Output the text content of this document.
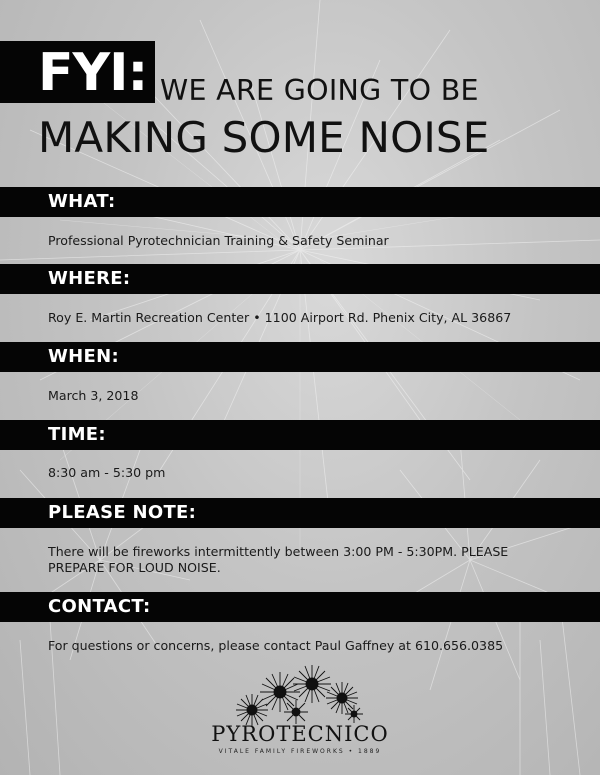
FYI: WE ARE GOING TO BE
MAKING SOME NOISE
WHAT:
Professional Pyrotechnician Training & Safety Seminar
WHERE:
Roy E. Martin Recreation Center • 1100 Airport Rd. Phenix City, AL 36867
WHEN:
March 3, 2018
TIME:
8:30 am - 5:30 pm
PLEASE NOTE:
There will be fireworks intermittently between 3:00 PM - 5:30PM. PLEASE
PREPARE FOR LOUD NOISE.
CONTACT:
For questions or concerns, please contact Paul Gaffney at 610.656.0385
PYROTECNICO
VITALE FAMILY FIREWORKS • 1889
